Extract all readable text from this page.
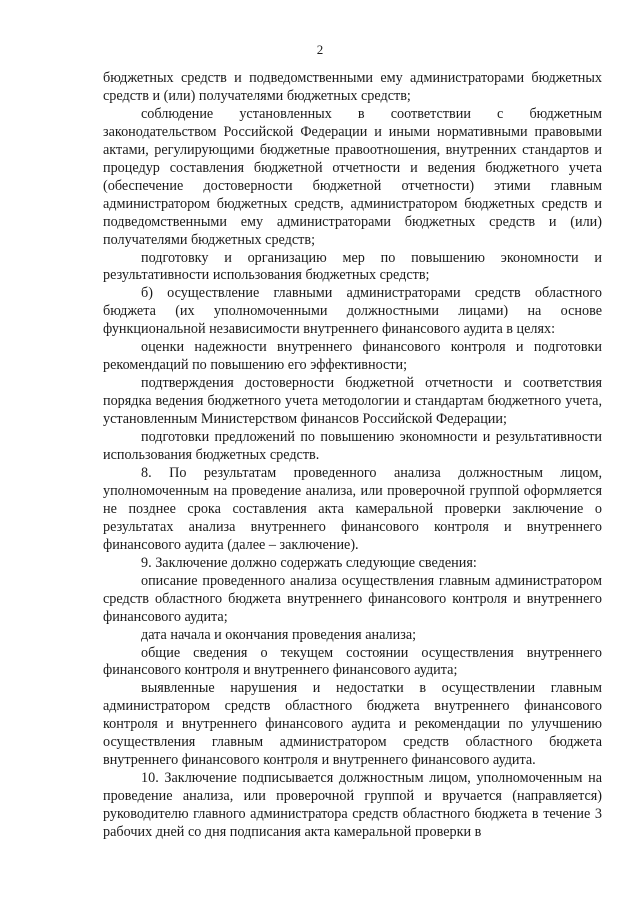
2

бюджетных средств и подведомственными ему администраторами бюджетных средств и (или) получателями бюджетных средств;

соблюдение установленных в соответствии с бюджетным законодательством Российской Федерации и иными нормативными правовыми актами, регулирующими бюджетные правоотношения, внутренних стандартов и процедур составления бюджетной отчетности и ведения бюджетного учета (обеспечение достоверности бюджетной отчетности) этими главным администратором бюджетных средств, администратором бюджетных средств и подведомственными ему администраторами бюджетных средств и (или) получателями бюджетных средств;

подготовку и организацию мер по повышению экономности и результативности использования бюджетных средств;

б) осуществление главными администраторами средств областного бюджета (их уполномоченными должностными лицами) на основе функциональной независимости внутреннего финансового аудита в целях:

оценки надежности внутреннего финансового контроля и подготовки рекомендаций по повышению его эффективности;

подтверждения достоверности бюджетной отчетности и соответствия порядка ведения бюджетного учета методологии и стандартам бюджетного учета, установленным Министерством финансов Российской Федерации;

подготовки предложений по повышению экономности и результативности использования бюджетных средств.

8. По результатам проведенного анализа должностным лицом, уполномоченным на проведение анализа, или проверочной группой оформляется не позднее срока составления акта камеральной проверки заключение о результатах анализа внутреннего финансового контроля и внутреннего финансового аудита (далее – заключение).

9. Заключение должно содержать следующие сведения:

описание проведенного анализа осуществления главным администратором средств областного бюджета внутреннего финансового контроля и внутреннего финансового аудита;

дата начала и окончания проведения анализа;

общие сведения о текущем состоянии осуществления внутреннего финансового контроля и внутреннего финансового аудита;

выявленные нарушения и недостатки в осуществлении главным администратором средств областного бюджета внутреннего финансового контроля и внутреннего финансового аудита и рекомендации по улучшению осуществления главным администратором средств областного бюджета внутреннего финансового контроля и внутреннего финансового аудита.

10. Заключение подписывается должностным лицом, уполномоченным на проведение анализа, или проверочной группой и вручается (направляется) руководителю главного администратора средств областного бюджета в течение 3 рабочих дней со дня подписания акта камеральной проверки в
